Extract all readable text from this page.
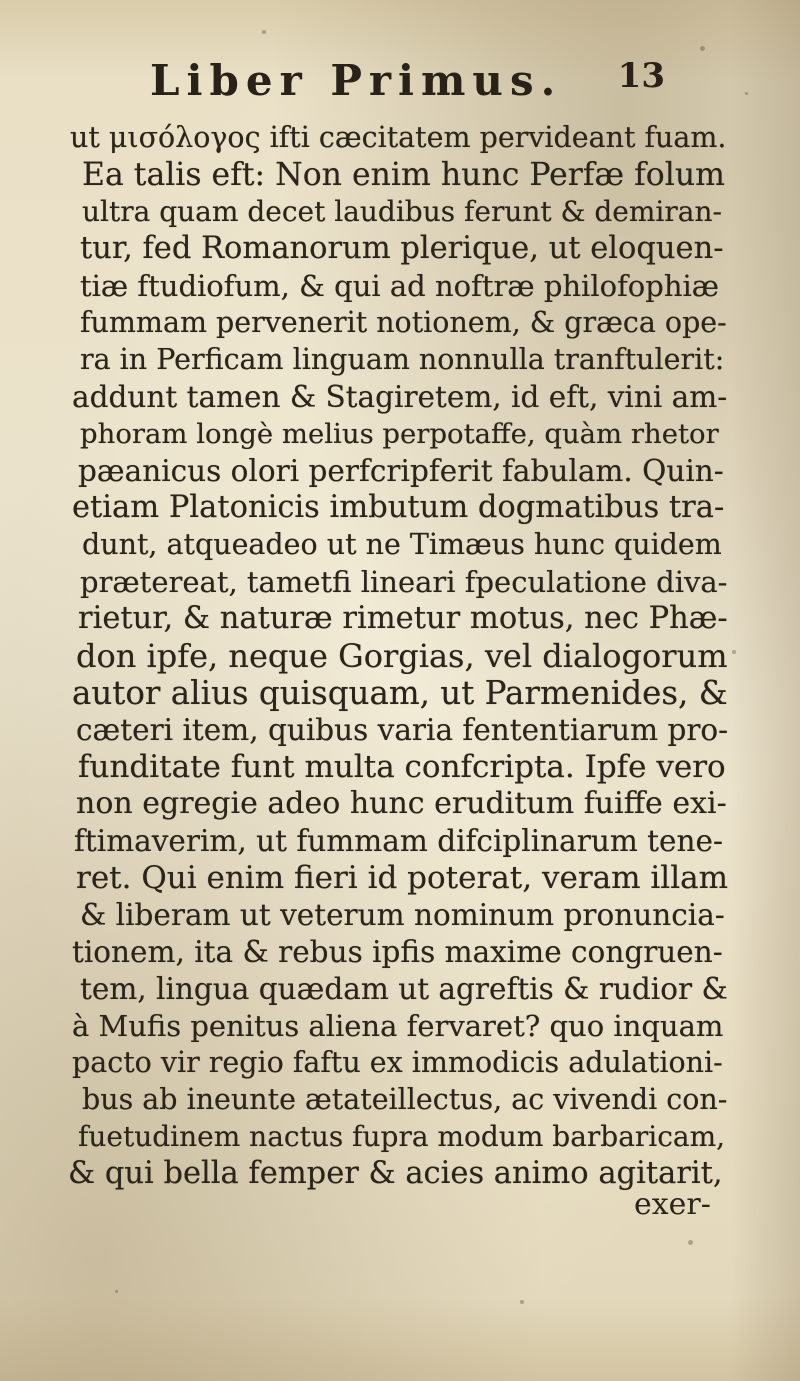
Liber Primus. 13
ut μισόλογος ifti cæcitatem pervideant fuam.
Ea talis eft: Non enim hunc Perfæ folum
ultra quam decet laudibus ferunt & demiran-
tur, fed Romanorum plerique, ut eloquen-
tiæ ftudiofum, & qui ad noftræ philofophiæ
fummam pervenerit notionem, & græca ope-
ra in Perficam linguam nonnulla tranftulerit:
addunt tamen & Stagiretem, id eft, vini am-
phoram longè melius perpotaffe, quàm rhetor
pæanicus olori perfcripferit fabulam. Quin-
etiam Platonicis imbutum dogmatibus tra-
dunt, atqueadeo ut ne Timæus hunc quidem
prætereat, tametfi lineari fpeculatione diva-
rietur, & naturæ rimetur motus, nec Phæ-
don ipfe, neque Gorgias, vel dialogorum
autor alius quisquam, ut Parmenides, &
cæteri item, quibus varia fententiarum pro-
funditate funt multa confcripta. Ipfe vero
non egregie adeo hunc eruditum fuiffe exi-
ftimaverim, ut fummam difciplinarum tene-
ret. Qui enim fieri id poterat, veram illam
& liberam ut veterum nominum pronuncia-
tionem, ita & rebus ipfis maxime congruen-
tem, lingua quædam ut agreftis & rudior &
à Mufis penitus aliena fervaret? quo inquam
pacto vir regio faftu ex immodicis adulationi-
bus ab ineunte ætateillectus, ac vivendi con-
fuetudinem nactus fupra modum barbaricam,
& qui bella femper & acies animo agitarit,
exer-
